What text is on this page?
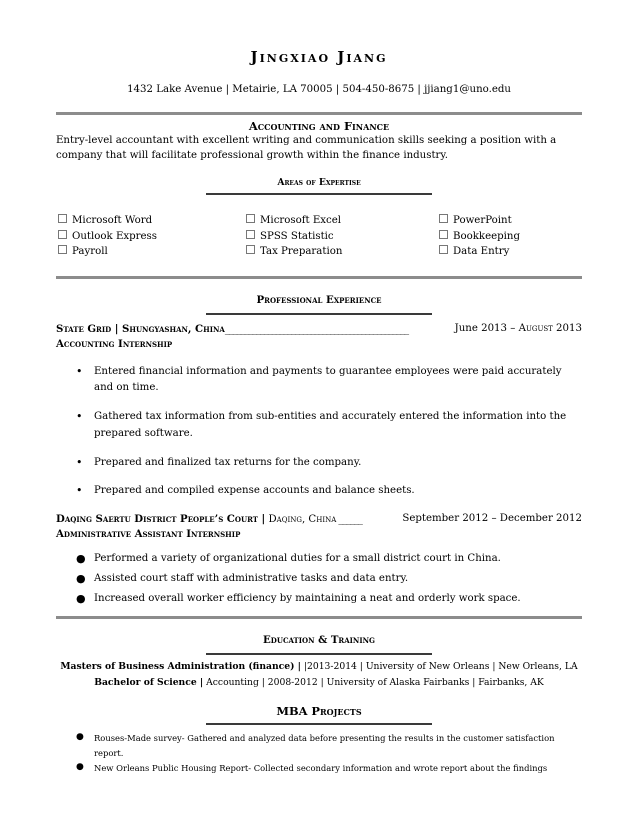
Jingxiao Jiang
1432 Lake Avenue | Metairie, LA 70005 | 504-450-8675 | jjiang1@uno.edu
Accounting and Finance
Entry-level accountant with excellent writing and communication skills seeking a position with a
company that will facilitate professional growth within the finance industry.
Areas of Expertise
Microsoft Word
Outlook Express
Payroll
Microsoft Excel
SPSS Statistic
Tax Preparation
PowerPoint
Bookkeeping
Data Entry
Professional Experience
State Grid | Shungyashan, China_______________________________________________	June 2013 – August 2013
Accounting Internship
• Entered financial information and payments to guarantee employees were paid accurately
and on time.
• Gathered tax information from sub-entities and accurately entered the information into the
prepared software.
• Prepared and finalized tax returns for the company.
• Prepared and compiled expense accounts and balance sheets.
Daqing Saertu District People’s Court | Daqing, China ______	September 2012 – December 2012
Administrative Assistant Internship
● Performed a variety of organizational duties for a small district court in China.
● Assisted court staff with administrative tasks and data entry.
● Increased overall worker efficiency by maintaining a neat and orderly work space.
Education & Training
Masters of Business Administration (finance) | |2013-2014 | University of New Orleans | New Orleans, LA
Bachelor of Science | Accounting | 2008-2012 | University of Alaska Fairbanks | Fairbanks, AK
MBA Projects
● Rouses-Made survey- Gathered and analyzed data before presenting the results in the customer satisfaction
report.
● New Orleans Public Housing Report- Collected secondary information and wrote report about the findings
